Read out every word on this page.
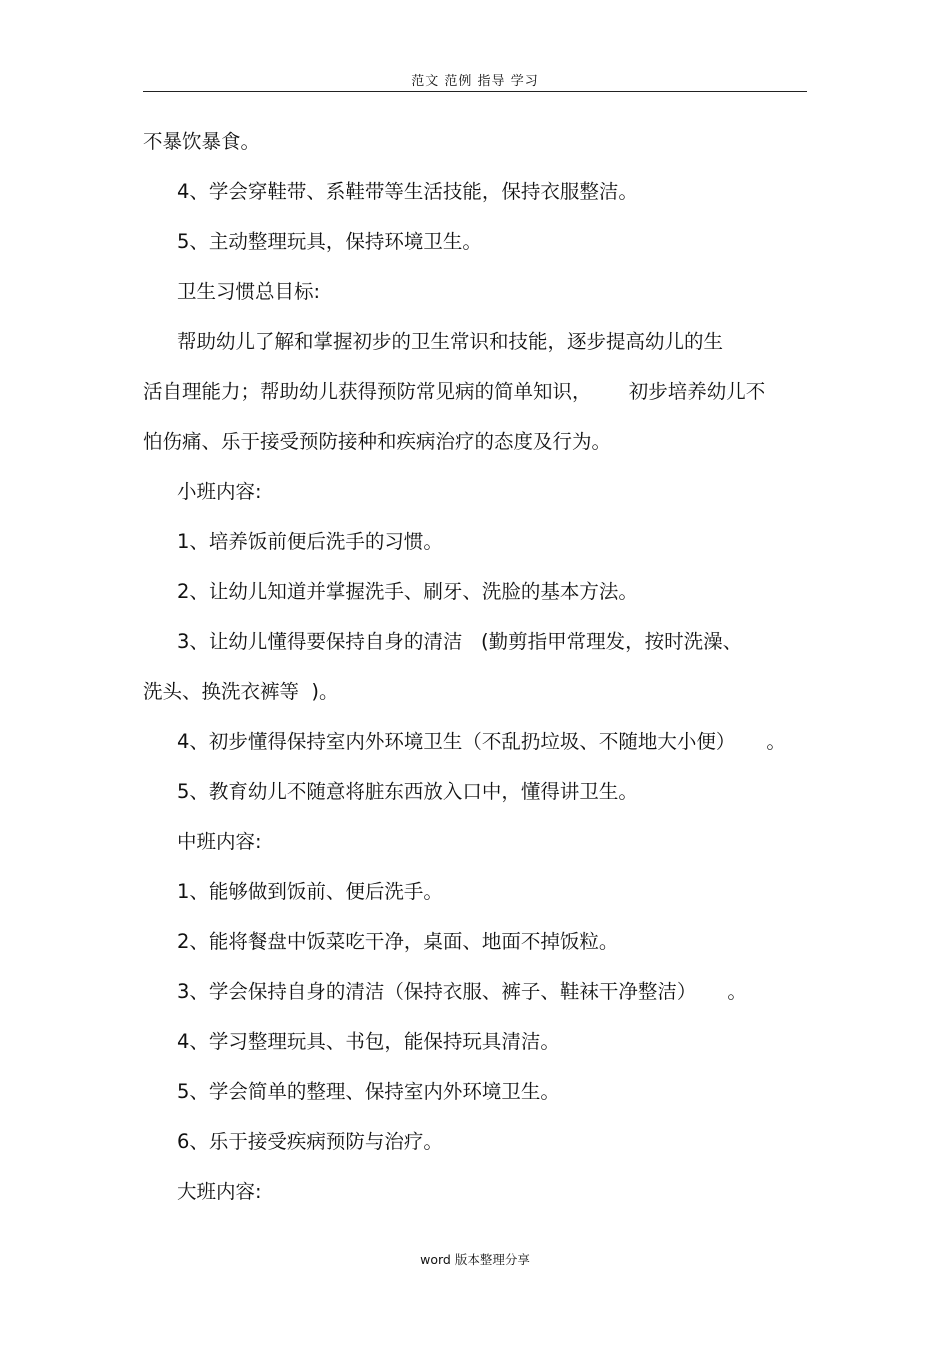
范文 范例 指导 学习
不暴饮暴食。
4、学会穿鞋带、系鞋带等生活技能，保持衣服整洁。
5、主动整理玩具，保持环境卫生。
卫生习惯总目标:
帮助幼儿了解和掌握初步的卫生常识和技能，逐步提高幼儿的生
活自理能力；帮助幼儿获得预防常见病的简单知识，      初步培养幼儿不
怕伤痛、乐于接受预防接种和疾病治疗的态度及行为。
小班内容:
1、培养饭前便后洗手的习惯。
2、让幼儿知道并掌握洗手、刷牙、洗脸的基本方法。
3、让幼儿懂得要保持自身的清洁   (勤剪指甲常理发，按时洗澡、
洗头、换洗衣裤等  )。
4、初步懂得保持室内外环境卫生（不乱扔垃圾、不随地大小便）     。
5、教育幼儿不随意将脏东西放入口中，懂得讲卫生。
中班内容:
1、能够做到饭前、便后洗手。
2、能将餐盘中饭菜吃干净，桌面、地面不掉饭粒。
3、学会保持自身的清洁（保持衣服、裤子、鞋袜干净整洁）     。
4、学习整理玩具、书包，能保持玩具清洁。
5、学会简单的整理、保持室内外环境卫生。
6、乐于接受疾病预防与治疗。
大班内容:
word 版本整理分享
